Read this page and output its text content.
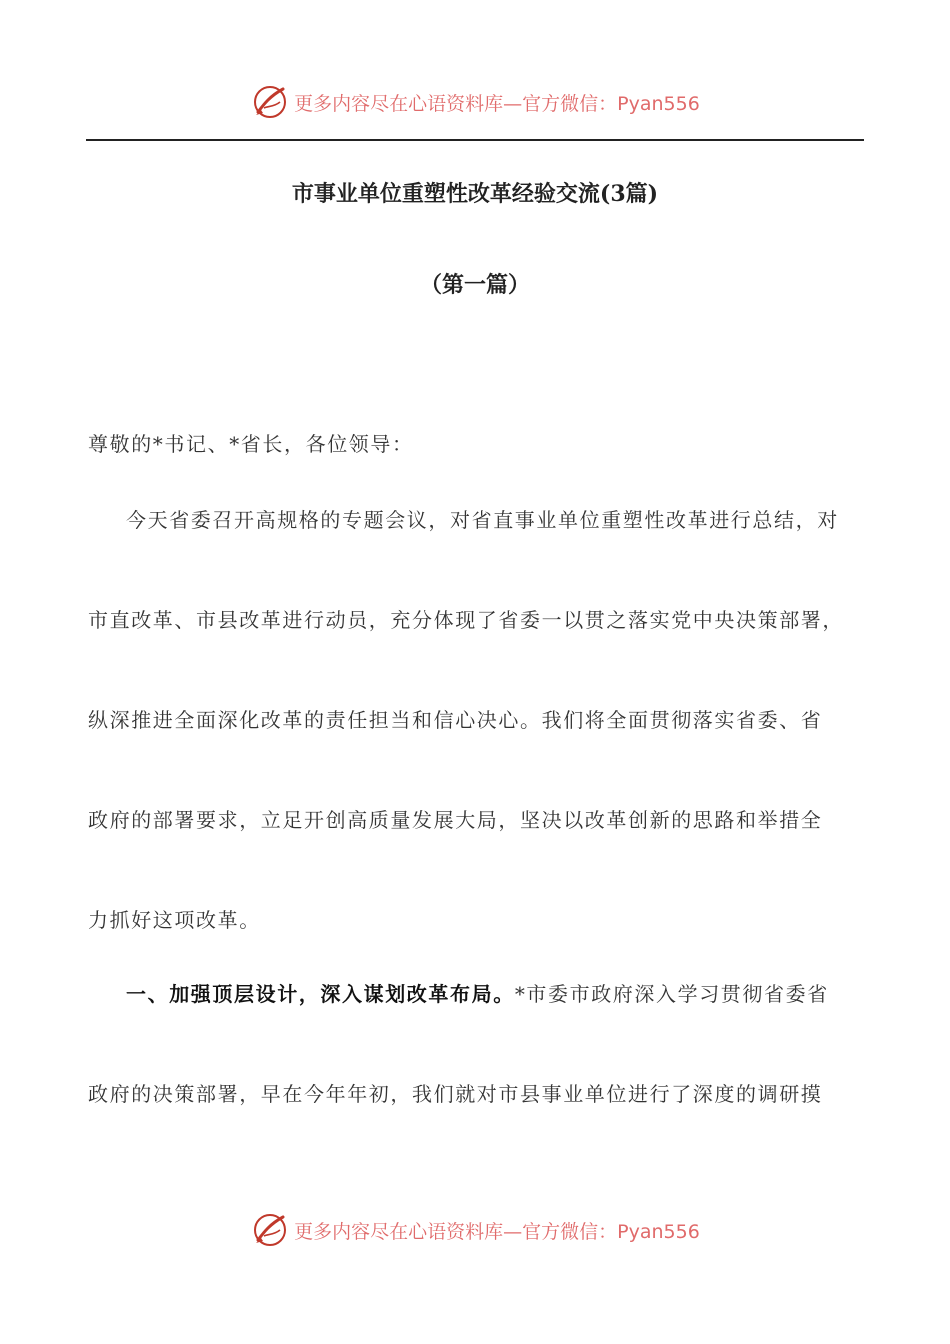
更多内容尽在心语资料库—官方微信：Pyan556
市事业单位重塑性改革经验交流(3篇)
（第一篇）
尊敬的*书记、*省长，各位领导：
今天省委召开高规格的专题会议，对省直事业单位重塑性改革进行总结，对
市直改革、市县改革进行动员，充分体现了省委一以贯之落实党中央决策部署，
纵深推进全面深化改革的责任担当和信心决心。我们将全面贯彻落实省委、省
政府的部署要求，立足开创高质量发展大局，坚决以改革创新的思路和举措全
力抓好这项改革。
一、加强顶层设计，深入谋划改革布局。*市委市政府深入学习贯彻省委省
政府的决策部署，早在今年年初，我们就对市县事业单位进行了深度的调研摸
更多内容尽在心语资料库—官方微信：Pyan556
